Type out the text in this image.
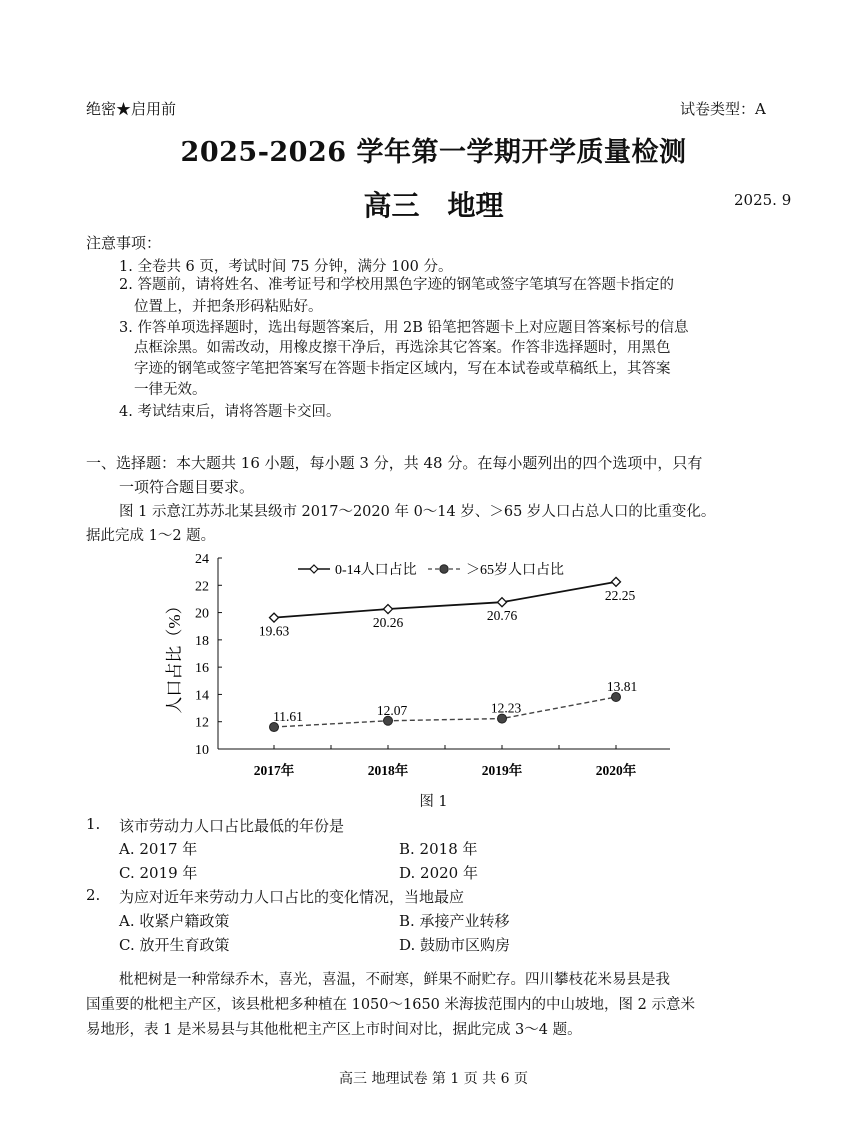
绝密★启用前	试卷类型：A
2025-2026 学年第一学期开学质量检测
高三　地理	2025. 9
注意事项：
1. 全卷共 6 页，考试时间 75 分钟，满分 100 分。
2. 答题前，请将姓名、准考证号和学校用黑色字迹的钢笔或签字笔填写在答题卡指定的
位置上，并把条形码粘贴好。
3. 作答单项选择题时，选出每题答案后，用 2B 铅笔把答题卡上对应题目答案标号的信息
点框涂黑。如需改动，用橡皮擦干净后，再选涂其它答案。作答非选择题时，用黑色
字迹的钢笔或签字笔把答案写在答题卡指定区域内，写在本试卷或草稿纸上，其答案
一律无效。
4. 考试结束后，请将答题卡交回。
一、选择题：本大题共 16 小题，每小题 3 分，共 48 分。在每小题列出的四个选项中，只有
一项符合题目要求。
图 1 示意江苏苏北某县级市 2017～2020 年 0～14 岁、＞65 岁人口占总人口的比重变化。
据此完成 1～2 题。
10
12
14
16
18
20
22
24
2017年	2018年	2019年	2020年
19.63
20.26	20.76
22.25
11.61	12.07	12.23
13.81
0-14人口占比	＞65岁人口占比
人口占比（%）
图 1
1. 该市劳动力人口占比最低的年份是
A. 2017 年	B. 2018 年
C. 2019 年	D. 2020 年
2. 为应对近年来劳动力人口占比的变化情况，当地最应
A. 收紧户籍政策	B. 承接产业转移
C. 放开生育政策	D. 鼓励市区购房
枇杷树是一种常绿乔木，喜光，喜温，不耐寒，鲜果不耐贮存。四川攀枝花米易县是我
国重要的枇杷主产区，该县枇杷多种植在 1050～1650 米海拔范围内的中山坡地，图 2 示意米
易地形，表 1 是米易县与其他枇杷主产区上市时间对比，据此完成 3～4 题。
高三 地理试卷 第 1 页 共 6 页
